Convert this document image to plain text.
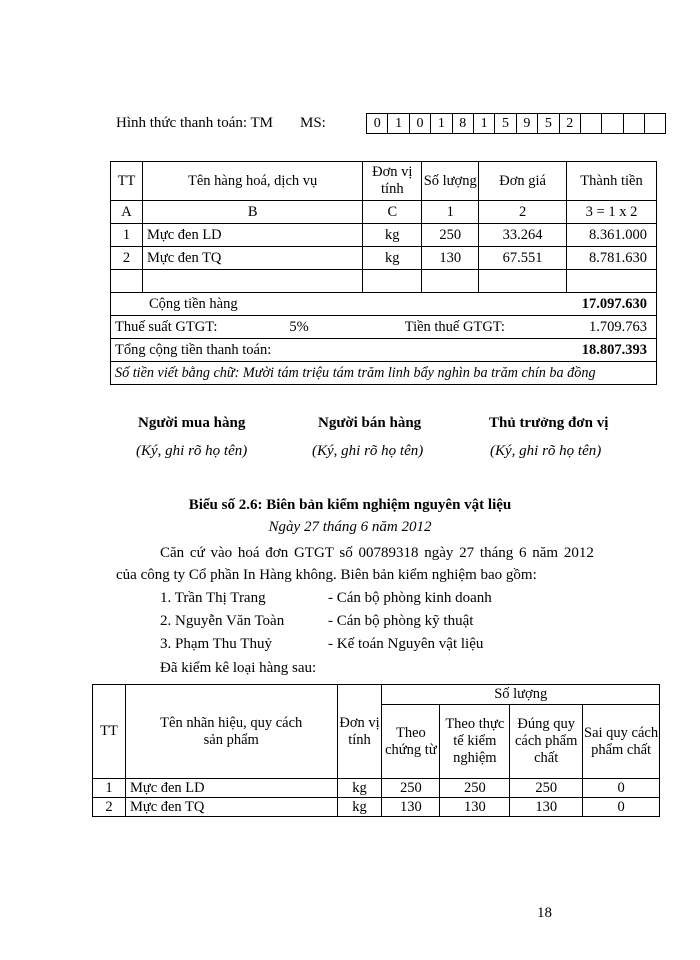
Hình thức thanh toán: TM MS:	0	1	0	1	8	1	5	9	5	2				
TT	Tên hàng hoá, dịch vụ	Đơn vị tính	Số lượng	Đơn giá	Thành tiền
A	B	C	1	2	3 = 1 x 2
1	Mực đen LD	kg	250	33.264	8.361.000
2	Mực đen TQ	kg	130	67.551	8.781.630

Cộng tiền hàng 17.097.630					

Thuế suất GTGT: 5% Tiền thuế GTGT: 1.709.763					

Tổng cộng tiền thanh toán: 18.807.393					

Số tiền viết bằng chữ: Mười tám triệu tám trăm linh bẩy nghìn ba trăm chín ba đồng					
Người mua hàng	Người bán hàng	Thủ trưởng đơn vị
(Ký, ghi rõ họ tên)	(Ký, ghi rõ họ tên)	(Ký, ghi rõ họ tên)
Biểu số 2.6: Biên bản kiểm nghiệm nguyên vật liệu
Ngày 27 tháng 6 năm 2012
Căn cứ vào hoá đơn GTGT số 00789318 ngày 27 tháng 6 năm 2012
của công ty Cổ phần In Hàng không. Biên bản kiểm nghiệm bao gồm:
1. Trần Thị Trang	- Cán bộ phòng kinh doanh
2. Nguyễn Văn Toàn	- Cán bộ phòng kỹ thuật
3. Phạm Thu Thuỷ	- Kế toán Nguyên vật liệu
Đã kiểm kê loại hàng sau:
TT	Tên nhãn hiệu, quy cách sản phẩm	Đơn vị tính	Số lượng			
			Theo chứng từ	Theo thực tế kiểm nghiệm	Đúng quy cách phẩm chất	Sai quy cách phẩm chất
1	Mực đen LD	kg	250	250	250	0
2	Mực đen TQ	kg	130	130	130	0
18
